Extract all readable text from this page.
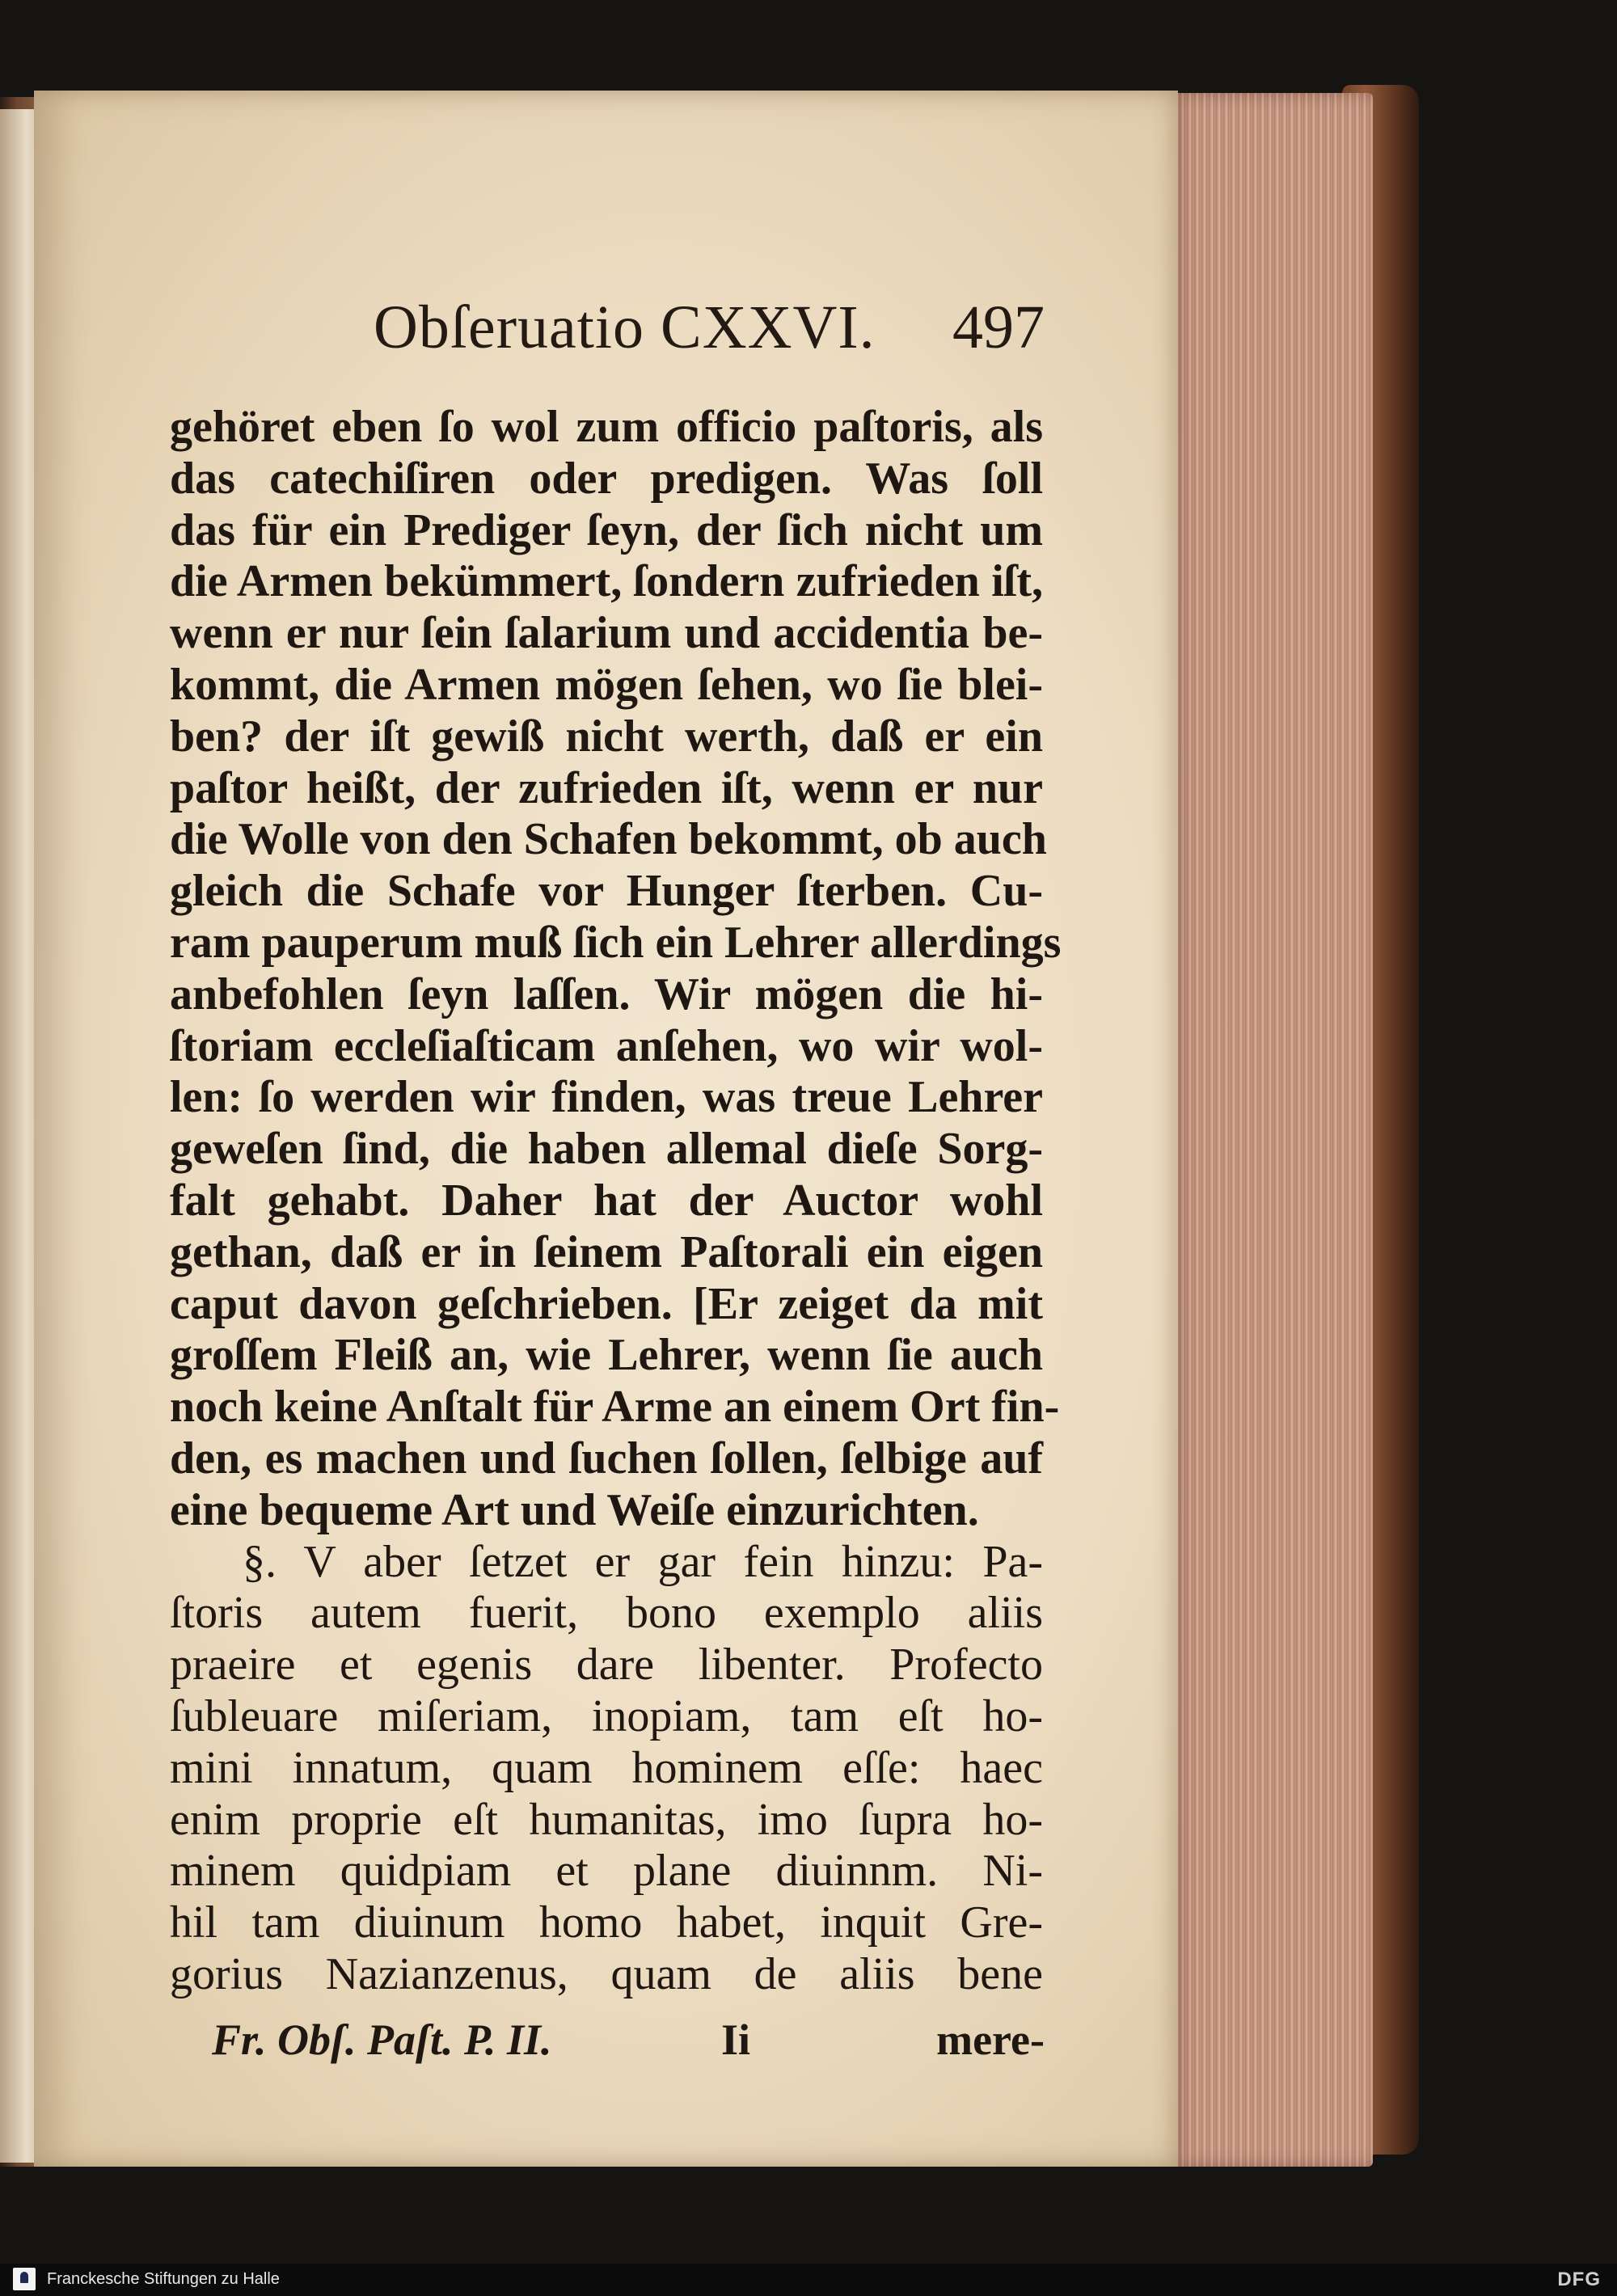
Obſeruatio CXXVI. 497
gehöret eben ſo wol zum officio paſtoris, als
das catechiſiren oder predigen. Was ſoll
das für ein Prediger ſeyn, der ſich nicht um
die Armen bekümmert, ſondern zufrieden iſt,
wenn er nur ſein ſalarium und accidentia be-
kommt, die Armen mögen ſehen, wo ſie blei-
ben? der iſt gewiß nicht werth, daß er ein
paſtor heißt, der zufrieden iſt, wenn er nur
die Wolle von den Schafen bekommt, ob auch
gleich die Schafe vor Hunger ſterben. Cu-
ram pauperum muß ſich ein Lehrer allerdings
anbefohlen ſeyn laſſen. Wir mögen die hi-
ſtoriam eccleſiaſticam anſehen, wo wir wol-
len: ſo werden wir finden, was treue Lehrer
geweſen ſind, die haben allemal dieſe Sorg-
falt gehabt. Daher hat der Auctor wohl
gethan, daß er in ſeinem Paſtorali ein eigen
caput davon geſchrieben. [Er zeiget da mit
groſſem Fleiß an, wie Lehrer, wenn ſie auch
noch keine Anſtalt für Arme an einem Ort fin-
den, es machen und ſuchen ſollen, ſelbige auf
eine bequeme Art und Weiſe einzurichten.
§. V aber ſetzet er gar fein hinzu: Pa-
ſtoris autem fuerit, bono exemplo aliis
praeire et egenis dare libenter. Profecto
ſubleuare miſeriam, inopiam, tam eſt ho-
mini innatum, quam hominem eſſe: haec
enim proprie eſt humanitas, imo ſupra ho-
minem quidpiam et plane diuinnm. Ni-
hil tam diuinum homo habet, inquit Gre-
gorius Nazianzenus, quam de aliis bene
Fr. Obſ. Paſt. P. II.	Ii	mere-
Franckesche Stiftungen zu Halle	DFG
